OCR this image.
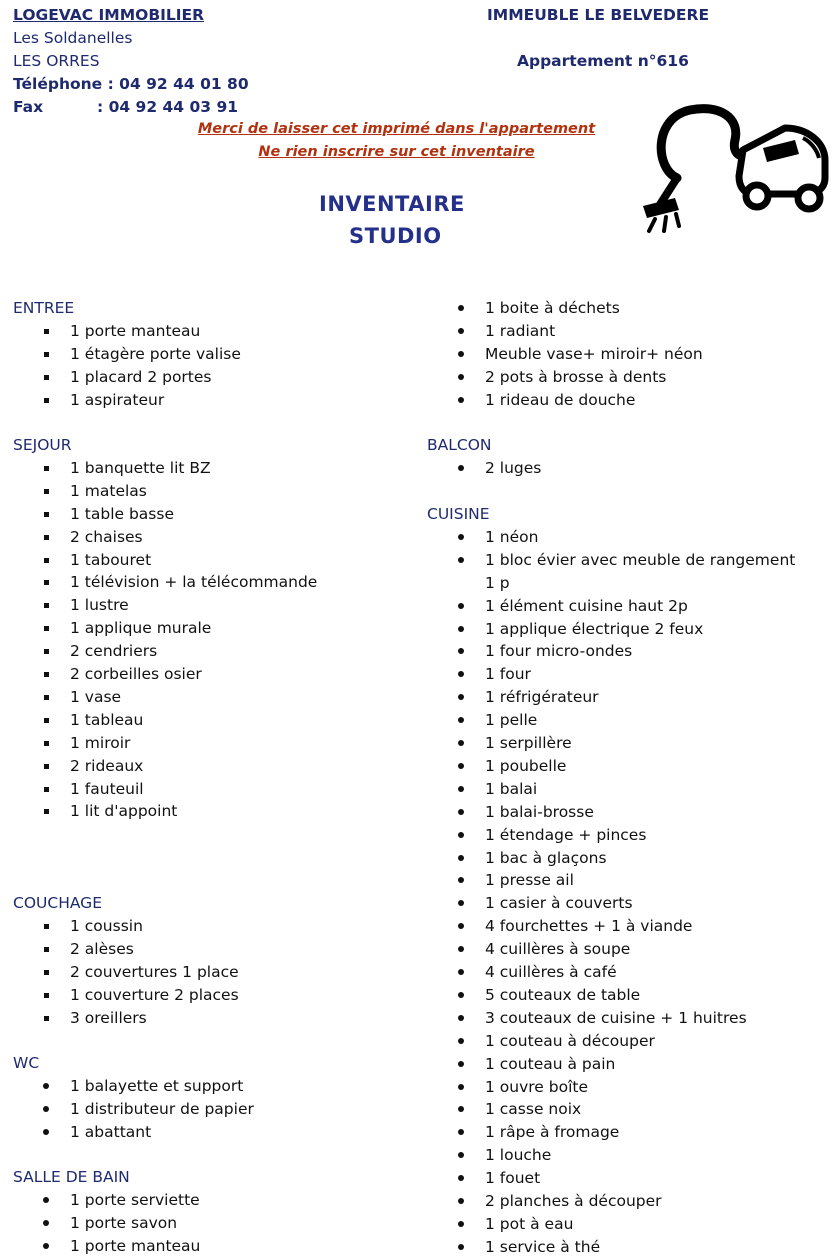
LOGEVAC IMMOBILIER
Les Soldanelles
LES ORRES
Téléphone : 04 92 44 01 80
Fax	: 04 92 44 03 91
IMMEUBLE LE BELVEDERE
Appartement n°616
Merci de laisser cet imprimé dans l'appartement
Ne rien inscrire sur cet inventaire
INVENTAIRE
STUDIO
ENTREE
1 porte manteau
1 étagère porte valise
1 placard 2 portes
1 aspirateur
SEJOUR
1 banquette lit BZ
1 matelas
1 table basse
2 chaises
1 tabouret
1 télévision + la télécommande
1 lustre
1 applique murale
2 cendriers
2 corbeilles osier
1 vase
1 tableau
1 miroir
2 rideaux
1 fauteuil
1 lit d'appoint
COUCHAGE
1 coussin
2 alèses
2 couvertures 1 place
1 couverture 2 places
3 oreillers
WC
1 balayette et support
1 distributeur de papier
1 abattant
SALLE DE BAIN
1 porte serviette
1 porte savon
1 porte manteau
1 boite à déchets
1 radiant
Meuble vase+ miroir+ néon
2 pots à brosse à dents
1 rideau de douche
BALCON
2 luges
CUISINE
1 néon
1 bloc évier avec meuble de rangement
1 p
1 élément cuisine haut 2p
1 applique électrique 2 feux
1 four micro-ondes
1 four
1 réfrigérateur
1 pelle
1 serpillère
1 poubelle
1 balai
1 balai-brosse
1 étendage + pinces
1 bac à glaçons
1 presse ail
1 casier à couverts
4 fourchettes + 1 à viande
4 cuillères à soupe
4 cuillères à café
5 couteaux de table
3 couteaux de cuisine + 1 huitres
1 couteau à découper
1 couteau à pain
1 ouvre boîte
1 casse noix
1 râpe à fromage
1 louche
1 fouet
2 planches à découper
1 pot à eau
1 service à thé
